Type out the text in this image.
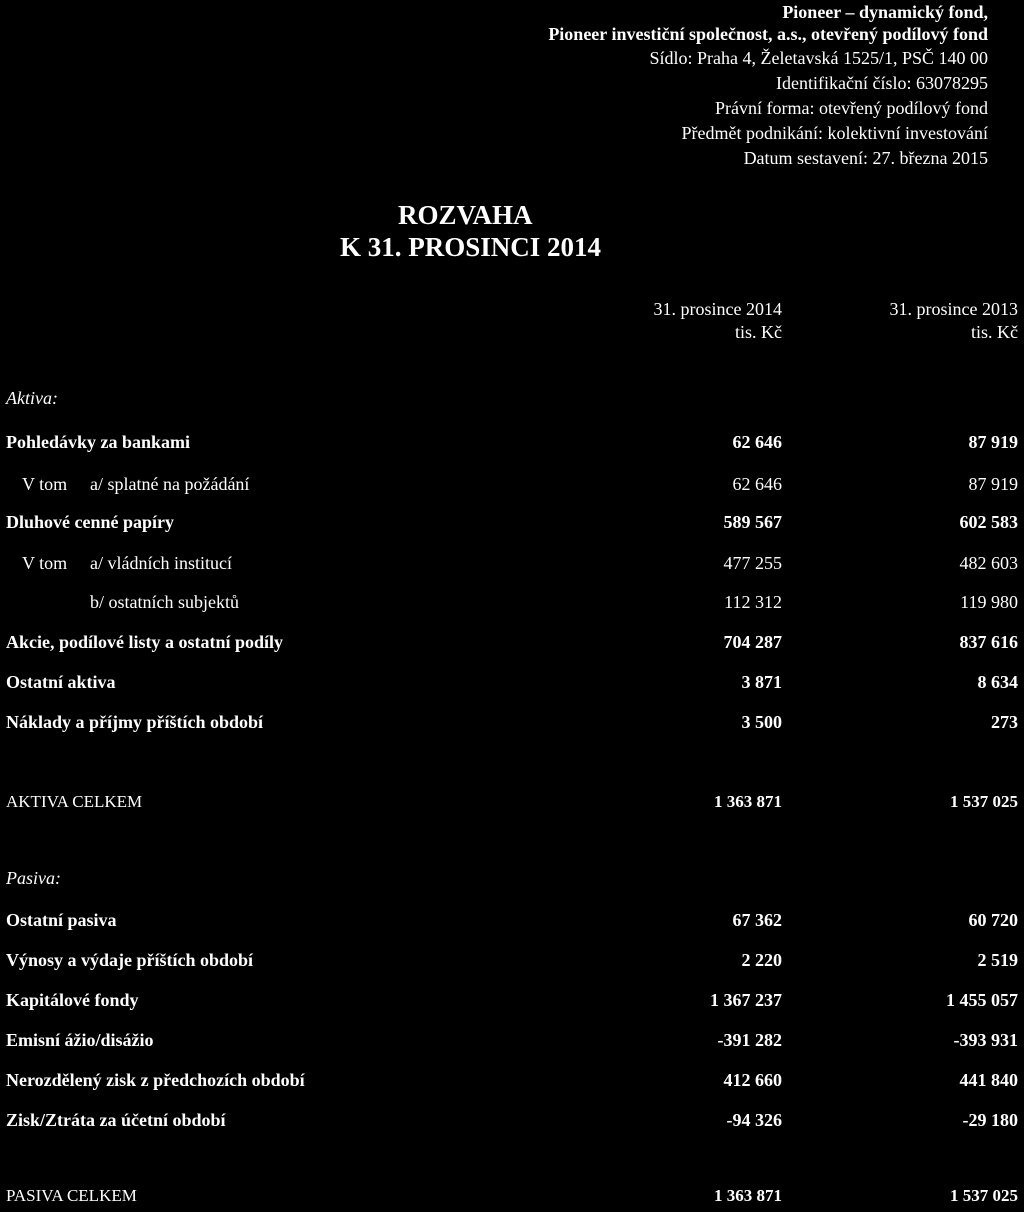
Pioneer – dynamický fond,
Pioneer investiční společnost, a.s., otevřený podílový fond
Sídlo: Praha 4, Želetavská 1525/1, PSČ 140 00
Identifikační číslo: 63078295
Právní forma: otevřený podílový fond
Předmět podnikání: kolektivní investování
Datum sestavení: 27. března 2015
ROZVAHA
K 31. PROSINCI 2014
31. prosince 2014
tis. Kč
31. prosince 2013
tis. Kč
Aktiva:
Pohledávky za bankami	62 646	87 919
V tom a/ splatné na požádání	62 646	87 919
Dluhové cenné papíry	589 567	602 583
V tom a/ vládních institucí	477 255	482 603
b/ ostatních subjektů	112 312	119 980
Akcie, podílové listy a ostatní podíly	704 287	837 616
Ostatní aktiva	3 871	8 634
Náklady a příjmy příštích období	3 500	273
AKTIVA CELKEM	1 363 871	1 537 025
Pasiva:
Ostatní pasiva	67 362	60 720
Výnosy a výdaje příštích období	2 220	2 519
Kapitálové fondy	1 367 237	1 455 057
Emisní ážio/disážio	-391 282	-393 931
Nerozdělený zisk z předchozích období	412 660	441 840
Zisk/Ztráta za účetní období	-94 326	-29 180
PASIVA CELKEM	1 363 871	1 537 025
